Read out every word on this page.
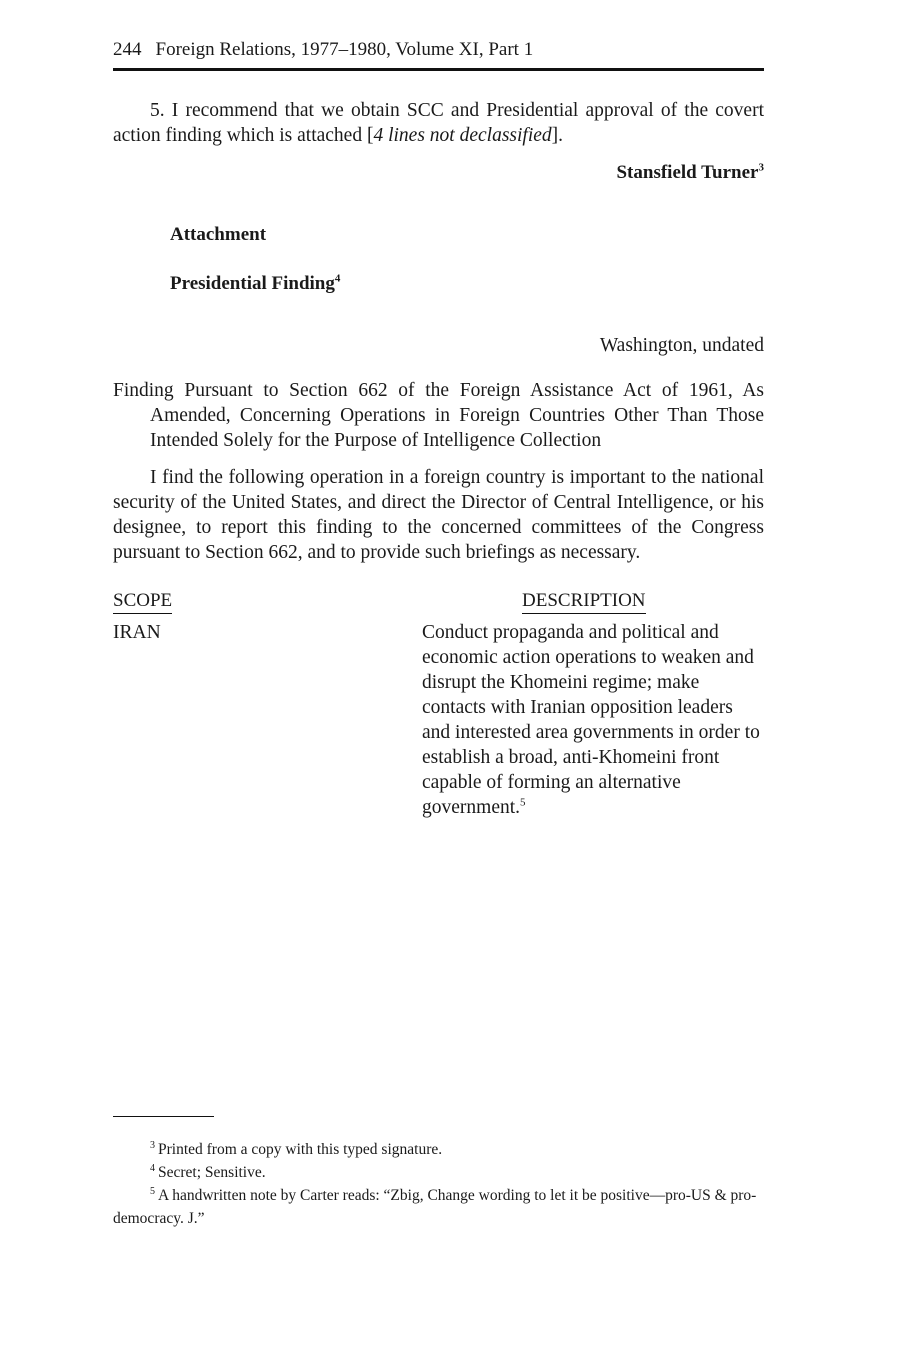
244 Foreign Relations, 1977–1980, Volume XI, Part 1

5. I recommend that we obtain SCC and Presidential approval of the covert action finding which is attached [4 lines not declassified].

Stansfield Turner$^3$
Attachment
Presidential Finding$^4$
Washington, undated

Finding Pursuant to Section 662 of the Foreign Assistance Act of 1961, As Amended, Concerning Operations in Foreign Countries Other Than Those Intended Solely for the Purpose of Intelligence Collection

I find the following operation in a foreign country is important to the national security of the United States, and direct the Director of Central Intelligence, or his designee, to report this finding to the concerned committees of the Congress pursuant to Section 662, and to provide such briefings as necessary.

SCOPE	DESCRIPTION
IRAN	Conduct propaganda and political and economic action operations to weaken and disrupt the Khomeini regime; make contacts with Iranian opposition leaders and interested area governments in order to establish a broad, anti-Khomeini front capable of forming an alternative government.$^5$
$^3$ Printed from a copy with this typed signature.
$^4$ Secret; Sensitive.
$^5$ A handwritten note by Carter reads: “Zbig, Change wording to let it be positive—pro-US & pro-democracy. J.”
